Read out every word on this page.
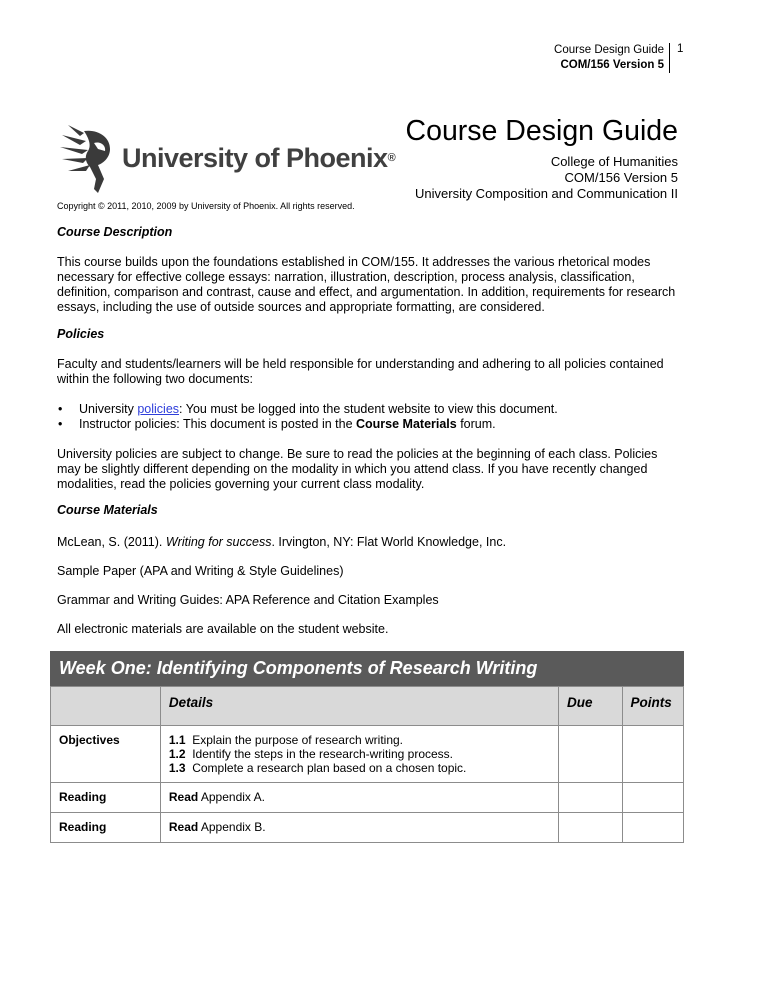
Course Design Guide
COM/156 Version 5
1
University of Phoenix®
Course Design Guide
College of Humanities
COM/156 Version 5
University Composition and Communication II
Copyright © 2011, 2010, 2009 by University of Phoenix. All rights reserved.
Course Description

This course builds upon the foundations established in COM/155. It addresses the various rhetorical modes necessary for effective college essays: narration, illustration, description, process analysis, classification, definition, comparison and contrast, cause and effect, and argumentation. In addition, requirements for research essays, including the use of outside sources and appropriate formatting, are considered.

Policies

Faculty and students/learners will be held responsible for understanding and adhering to all policies contained within the following two documents:

• University policies: You must be logged into the student website to view this document.
• Instructor policies: This document is posted in the Course Materials forum.

University policies are subject to change. Be sure to read the policies at the beginning of each class. Policies may be slightly different depending on the modality in which you attend class. If you have recently changed modalities, read the policies governing your current class modality.

Course Materials

McLean, S. (2011). Writing for success. Irvington, NY: Flat World Knowledge, Inc.

Sample Paper (APA and Writing & Style Guidelines)

Grammar and Writing Guides: APA Reference and Citation Examples

All electronic materials are available on the student website.

Week One: Identifying Components of Research Writing
	Details	Due	Points
Objectives	1.1 Explain the purpose of research writing.
1.2 Identify the steps in the research-writing process.
1.3 Complete a research plan based on a chosen topic.		

Reading	Read Appendix A.		
Reading	Read Appendix B.		
